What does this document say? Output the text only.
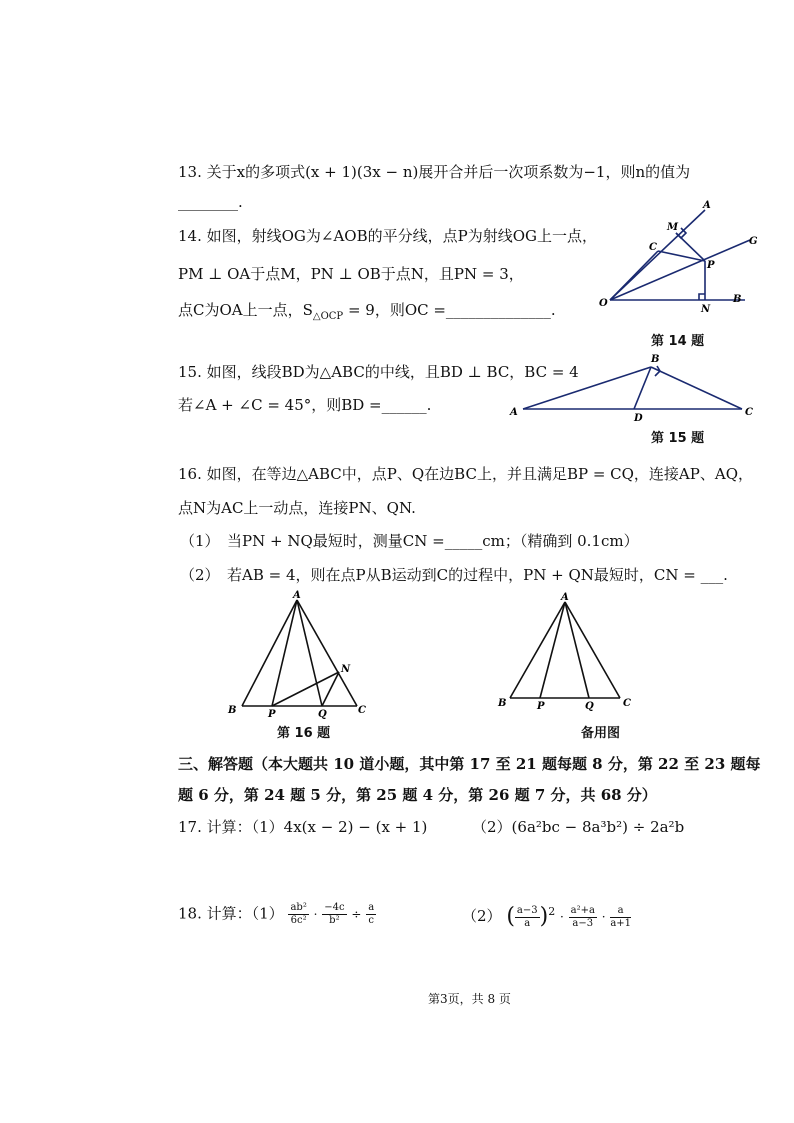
13. 关于x的多项式(x + 1)(3x − n)展开合并后一次项系数为−1，则n的值为
________.
14. 如图，射线OG为∠AOB的平分线，点P为射线OG上一点，
PM ⊥ OA于点M，PN ⊥ OB于点N，且PN = 3，
点C为OA上一点，$S_{\triangle OCP} = 9$，则OC =______________.
A
G
M
C
P
O
N
B
第 14 题
15. 如图，线段BD为△ABC的中线，且BD ⊥ BC，BC = 4
若∠A + ∠C = 45°，则BD =______.	A
B
C
D
第 15 题
16. 如图，在等边△ABC中，点P、Q在边BC上，并且满足BP = CQ，连接AP、AQ，
点N为AC上一动点，连接PN、QN.
（1）　当PN + NQ最短时，测量CN =_____cm；（精确到 0.1cm）
（2）　若AB = 4，则在点P从B运动到C的过程中，PN + QN最短时，CN = ___.
A
B	P	Q	C
N
第 16 题
A
B	P	Q	C
备用图
三、解答题（本大题共 10 道小题，其中第 17 至 21 题每题 8 分，第 22 至 23 题每
题 6 分，第 24 题 5 分，第 25 题 4 分，第 26 题 7 分，共 68 分）
17. 计算：（1）4x(x − 2) − (x + 1)	（2）(6a²bc − 8a³b²) ÷ 2a²b
18. 计算：$(1) \frac{\text{ab²}}{\text{6c²}} \cdot \frac{-4c}{\text{b²}} \div \frac{a}{c}$	（2） ( $\frac{a-3}{a} )^2 \cdot \frac{\text{a²+a}}{a-3} \cdot \frac{a}{a+1}$
第3页，共 8 页
